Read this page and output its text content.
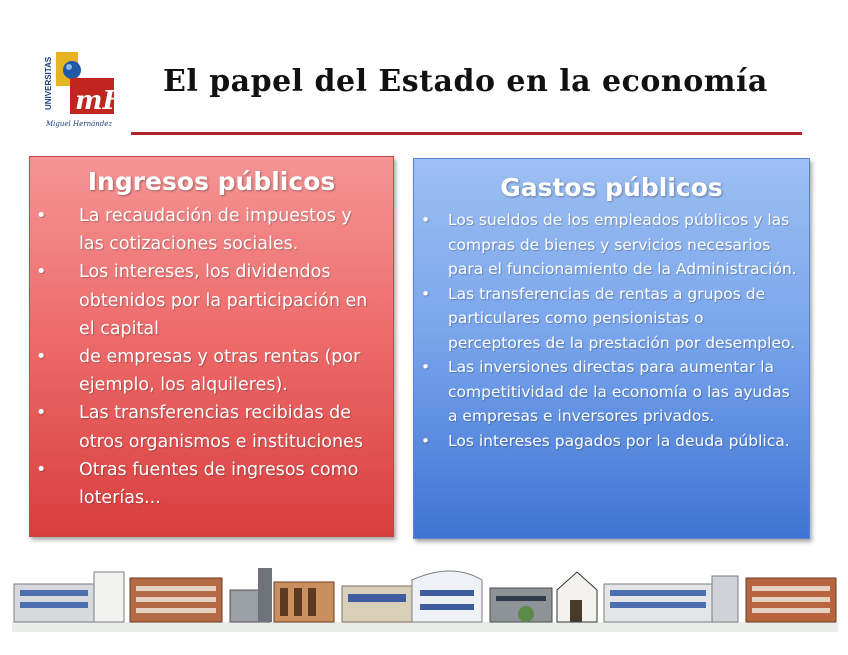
UNIVERSITAS mH
Miguel Hernández
El papel del Estado en la economía
Ingresos públicos
• La recaudación de impuestos y las cotizaciones sociales.
• Los intereses, los dividendos obtenidos por la participación en el capital
• de empresas y otras rentas (por ejemplo, los alquileres).
• Las transferencias recibidas de otros organismos e instituciones
• Otras fuentes de ingresos como loterías...
Gastos públicos
• Los sueldos de los empleados públicos y las compras de bienes y servicios necesarios para el funcionamiento de la Administración.
• Las transferencias de rentas a grupos de particulares como pensionistas o perceptores de la prestación por desempleo.
• Las inversiones directas para aumentar la competitividad de la economía o las ayudas a empresas e inversores privados.
• Los intereses pagados por la deuda pública.
